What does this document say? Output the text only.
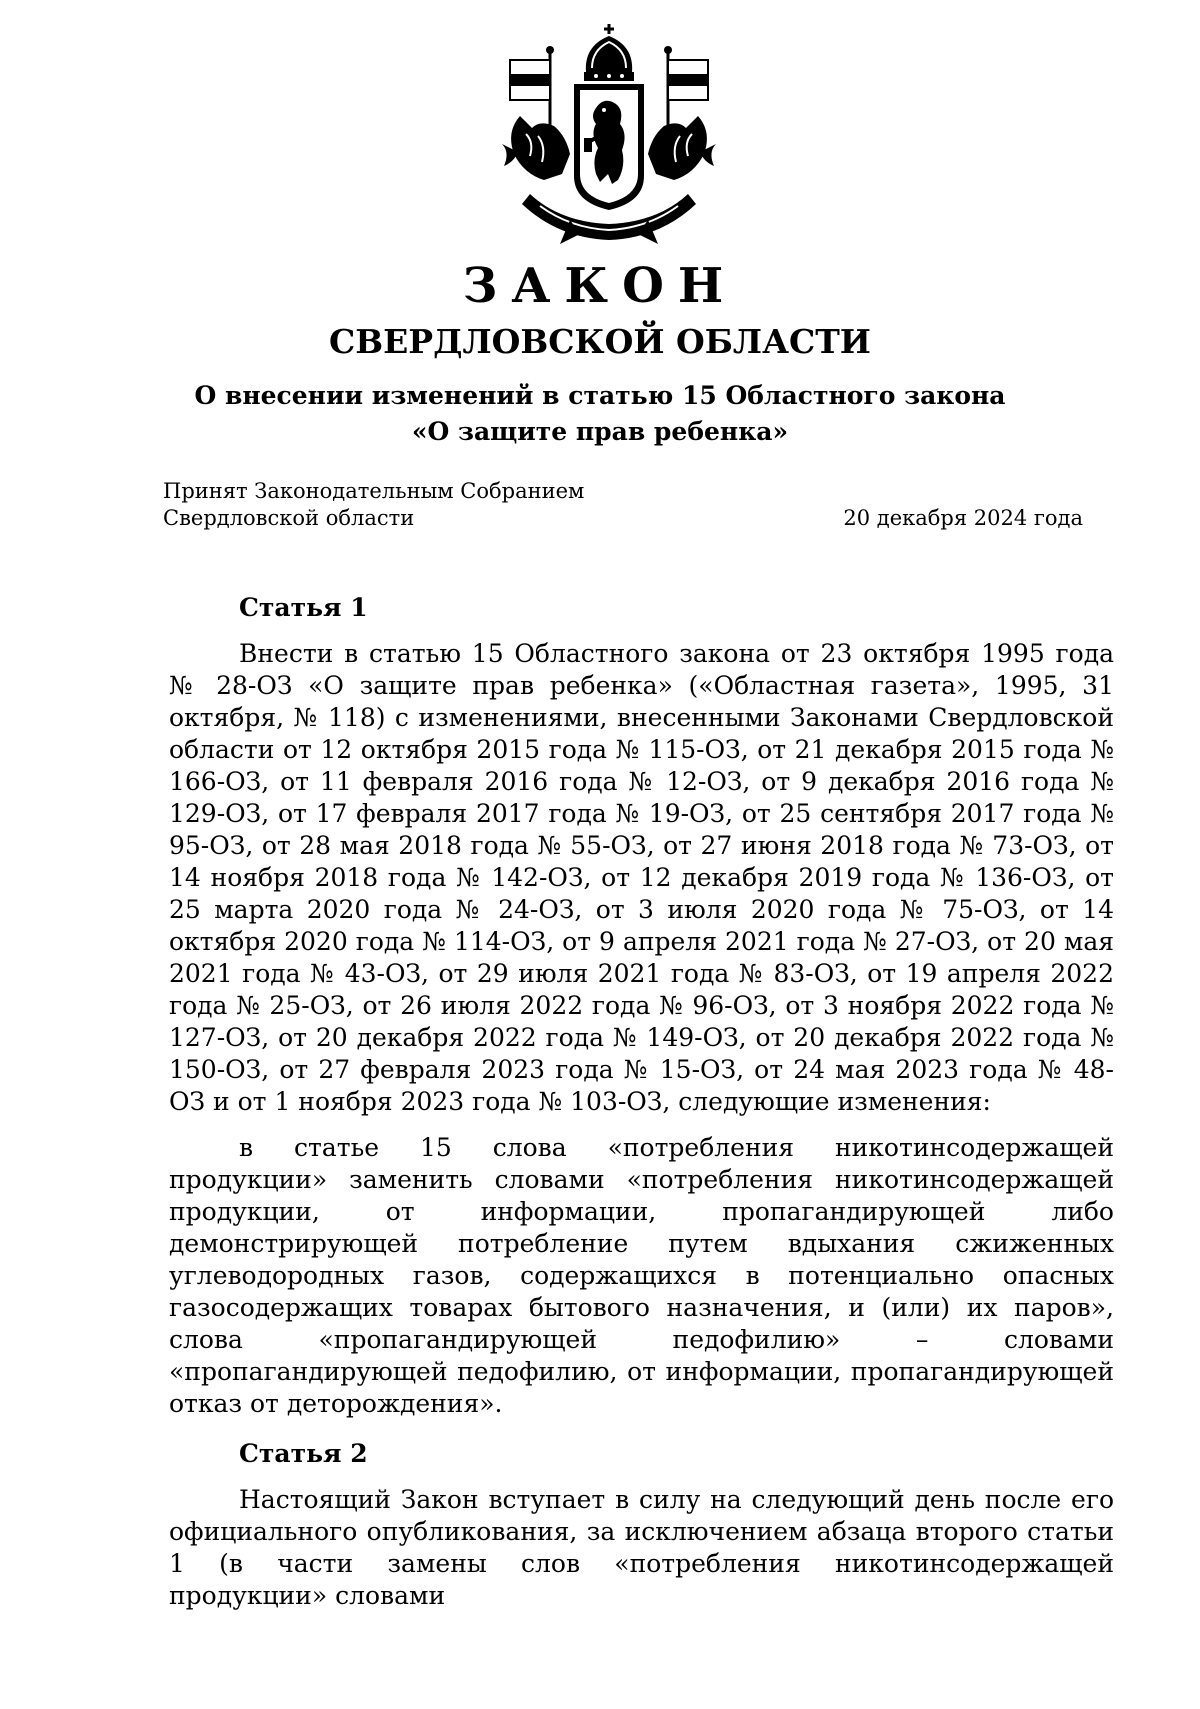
ЗАКОН
СВЕРДЛОВСКОЙ ОБЛАСТИ
О внесении изменений в статью 15 Областного закона
«О защите прав ребенка»
Принят Законодательным Собранием
Свердловской области	20 декабря 2024 года
Статья 1

Внести в статью 15 Областного закона от 23 октября 1995 года № 28-ОЗ «О защите прав ребенка» («Областная газета», 1995, 31 октября, № 118) с изменениями, внесенными Законами Свердловской области от 12 октября 2015 года № 115-ОЗ, от 21 декабря 2015 года № 166-ОЗ, от 11 февраля 2016 года № 12-ОЗ, от 9 декабря 2016 года № 129-ОЗ, от 17 февраля 2017 года № 19-ОЗ, от 25 сентября 2017 года № 95-ОЗ, от 28 мая 2018 года № 55-ОЗ, от 27 июня 2018 года № 73-ОЗ, от 14 ноября 2018 года № 142-ОЗ, от 12 декабря 2019 года № 136-ОЗ, от 25 марта 2020 года № 24-ОЗ, от 3 июля 2020 года № 75-ОЗ, от 14 октября 2020 года № 114-ОЗ, от 9 апреля 2021 года № 27-ОЗ, от 20 мая 2021 года № 43-ОЗ, от 29 июля 2021 года № 83-ОЗ, от 19 апреля 2022 года № 25-ОЗ, от 26 июля 2022 года № 96-ОЗ, от 3 ноября 2022 года № 127-ОЗ, от 20 декабря 2022 года № 149-ОЗ, от 20 декабря 2022 года № 150-ОЗ, от 27 февраля 2023 года № 15-ОЗ, от 24 мая 2023 года № 48-ОЗ и от 1 ноября 2023 года № 103-ОЗ, следующие изменения:

в статье 15 слова «потребления никотинсодержащей продукции» заменить словами «потребления никотинсодержащей продукции, от информации, пропагандирующей либо демонстрирующей потребление путем вдыхания сжиженных углеводородных газов, содержащихся в потенциально опасных газосодержащих товарах бытового назначения, и (или) их паров», слова «пропагандирующей педофилию» – словами «пропагандирующей педофилию, от информации, пропагандирующей отказ от деторождения».

Статья 2

Настоящий Закон вступает в силу на следующий день после его официального опубликования, за исключением абзаца второго статьи 1 (в части замены слов «потребления никотинсодержащей продукции» словами
